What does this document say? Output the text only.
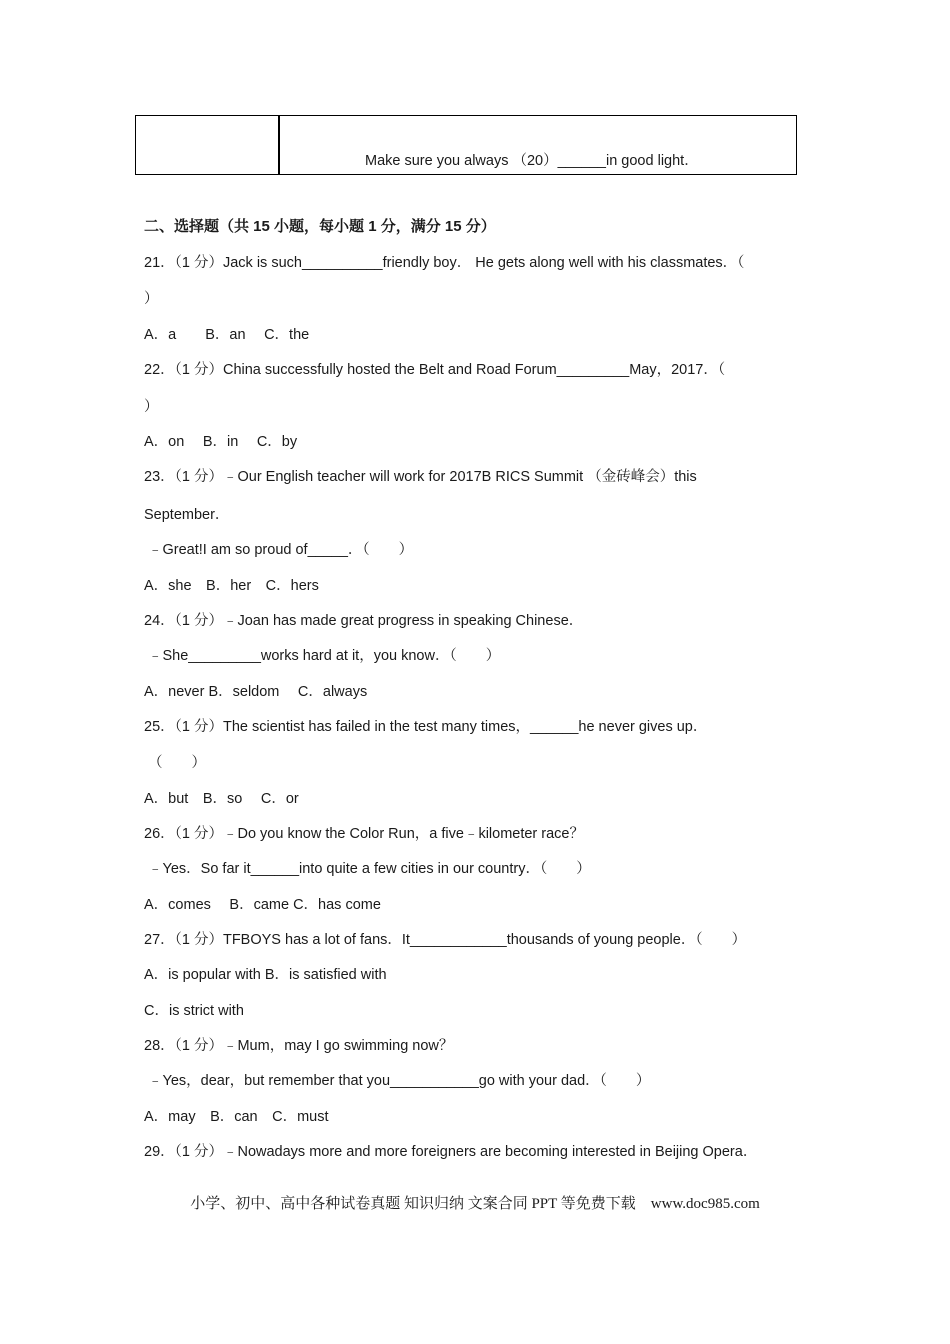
Make sure you always （20）______in good light．
二、选择题（共 15 小题，每小题 1 分，满分 15 分）
21．（1 分）Jack is such__________friendly boy． He gets along well with his classmates．（
）
A．a　　B．an　 C．the
22．（1 分）China successfully hosted the Belt and Road Forum_________May，2017．（
）
A．on　 B．in　 C．by
23．（1 分）﹣Our English teacher will work for 2017B RICS Summit （金砖峰会）this
September．
﹣Great!I am so proud of_____．（　　）
A．she　B．her　C．hers
24．（1 分）﹣Joan has made great progress in speaking Chinese．
﹣She_________works hard at it，you know．（　　）
A．never B．seldom　 C．always
25．（1 分）The scientist has failed in the test many times，______he never gives up．
（　　）
A．but　B．so　 C．or
26．（1 分）﹣Do you know the Color Run，a five﹣kilometer race？
﹣Yes．So far it______into quite a few cities in our country．（　　）
A．comes　 B．came C．has come
27．（1 分）TFBOYS has a lot of fans．It____________thousands of young people．（　　）
A．is popular with B．is satisfied with
C．is strict with
28．（1 分）﹣Mum，may I go swimming now？
﹣Yes，dear，but remember that you___________go with your dad．（　　）
A．may　B．can　C．must
29．（1 分）﹣Nowadays more and more foreigners are becoming interested in Beijing Opera．
小学、初中、高中各种试卷真题 知识归纳 文案合同 PPT 等免费下载　www.doc985.com
